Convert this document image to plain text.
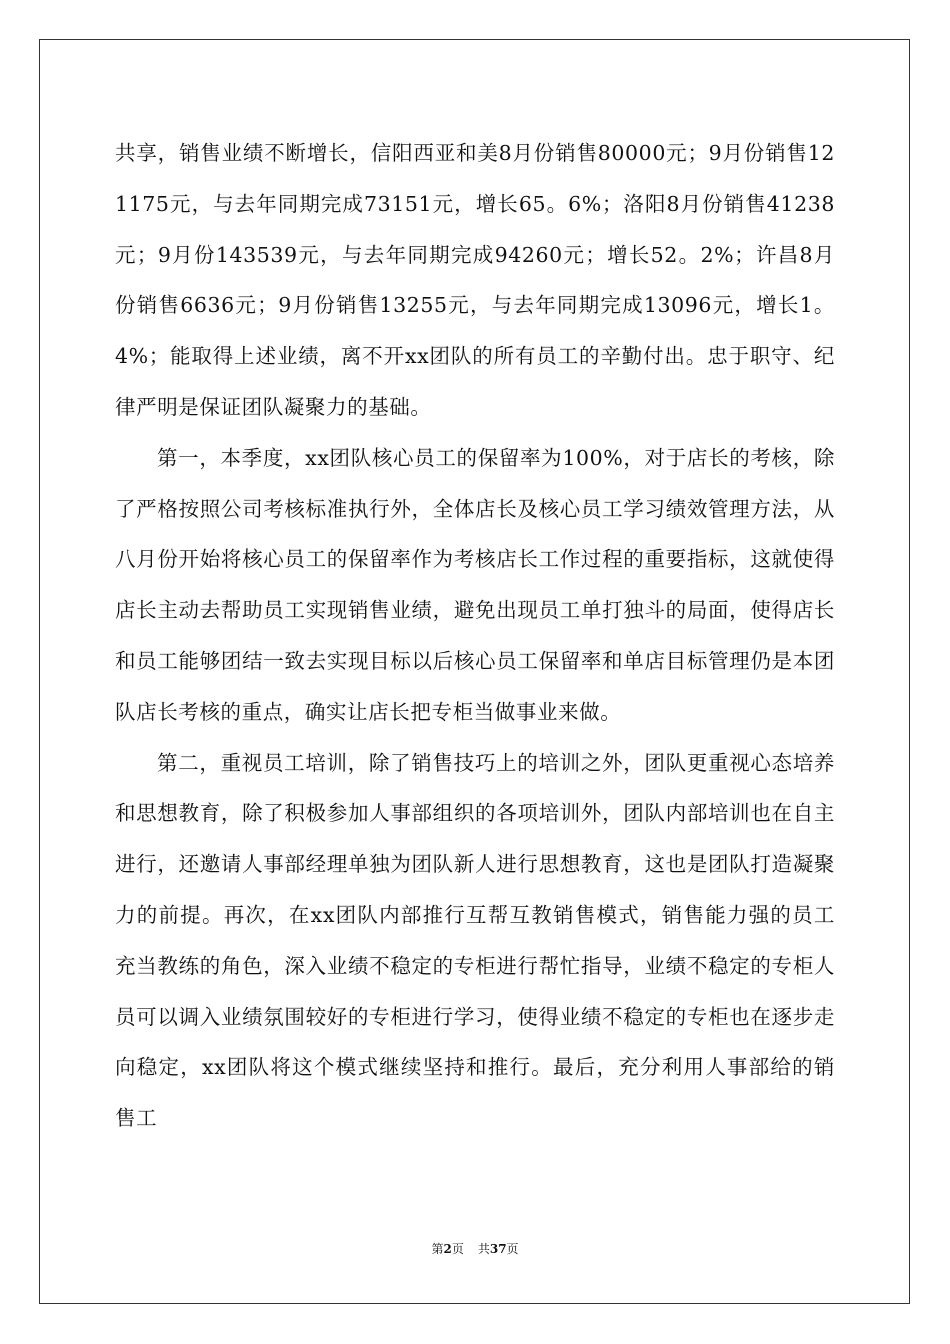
共享，销售业绩不断增长，信阳西亚和美8月份销售80000元；9月份销售121175元，与去年同期完成73151元，增长65。6%；洛阳8月份销售41238元；9月份143539元，与去年同期完成94260元；增长52。2%；许昌8月份销售6636元；9月份销售13255元，与去年同期完成13096元，增长1。4%；能取得上述业绩，离不开xx团队的所有员工的辛勤付出。忠于职守、纪律严明是保证团队凝聚力的基础。

第一，本季度，xx团队核心员工的保留率为100%，对于店长的考核，除了严格按照公司考核标准执行外，全体店长及核心员工学习绩效管理方法，从八月份开始将核心员工的保留率作为考核店长工作过程的重要指标，这就使得店长主动去帮助员工实现销售业绩，避免出现员工单打独斗的局面，使得店长和员工能够团结一致去实现目标以后核心员工保留率和单店目标管理仍是本团队店长考核的重点，确实让店长把专柜当做事业来做。

第二，重视员工培训，除了销售技巧上的培训之外，团队更重视心态培养和思想教育，除了积极参加人事部组织的各项培训外，团队内部培训也在自主进行，还邀请人事部经理单独为团队新人进行思想教育，这也是团队打造凝聚力的前提。再次，在xx团队内部推行互帮互教销售模式，销售能力强的员工充当教练的角色，深入业绩不稳定的专柜进行帮忙指导，业绩不稳定的专柜人员可以调入业绩氛围较好的专柜进行学习，使得业绩不稳定的专柜也在逐步走向稳定，xx团队将这个模式继续坚持和推行。最后，充分利用人事部给的销售工

第2页 共37页
